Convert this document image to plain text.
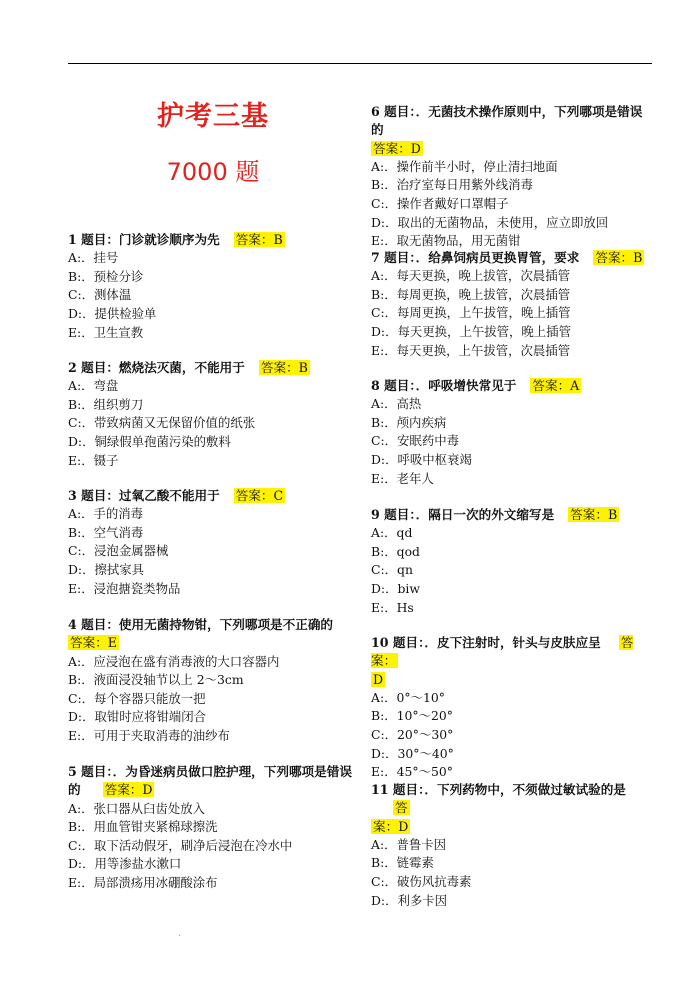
护考三基
7000 题
1 题目：门诊就诊顺序为先 答案：B
A:．挂号
B:．预检分诊
C:．测体温
D:．提供检验单
E:．卫生宣教
2 题目：燃烧法灭菌，不能用于 答案：B
A:．弯盘
B:．组织剪刀
C:．带致病菌又无保留价值的纸张
D:．铜绿假单孢菌污染的敷料
E:．镊子
3 题目：过氧乙酸不能用于 答案：C
A:．手的消毒
B:．空气消毒
C:．浸泡金属器械
D:．擦拭家具
E:．浸泡搪瓷类物品
4 题目：使用无菌持物钳，下列哪项是不正确的
答案：E
A:．应浸泡在盛有消毒液的大口容器内
B:．液面浸没轴节以上 2～3cm
C:．每个容器只能放一把
D:．取钳时应将钳端闭合
E:．可用于夹取消毒的油纱布
5 题目：．为昏迷病员做口腔护理，下列哪项是错误
的 答案：D
A:．张口器从臼齿处放入
B:．用血管钳夹紧棉球擦洗
C:．取下活动假牙，刷净后浸泡在冷水中
D:．用等渗盐水漱口
E:．局部溃疡用冰硼酸涂布
6 题目：．无菌技术操作原则中，下列哪项是错误的
答案：D
A:．操作前半小时，停止清扫地面
B:．治疗室每日用紫外线消毒
C:．操作者戴好口罩帽子
D:．取出的无菌物品，未使用，应立即放回
E:．取无菌物品，用无菌钳
7 题目：．给鼻饲病员更换胃管，要求 答案：B
A:．每天更换，晚上拔管，次晨插管
B:．每周更换，晚上拔管，次晨插管
C:．每周更换，上午拔管，晚上插管
D:．每天更换，上午拔管，晚上插管
E:．每天更换，上午拔管，次晨插管
8 题目：．呼吸增快常见于 答案：A
A:．高热
B:．颅内疾病
C:．安眠药中毒
D:．呼吸中枢衰竭
E:．老年人
9 题目：．隔日一次的外文缩写是 答案：B
A:．qd
B:．qod
C:．qn
D:．biw
E:．Hs
10 题目：．皮下注射时，针头与皮肤应呈 答案：
D
A:．0°～10°
B:．10°～20°
C:．20°～30°
D:．30°～40°
E:．45°～50°
11 题目：．下列药物中，不须做过敏试验的是答
案：D
A:．普鲁卡因
B:．链霉素
C:．破伤风抗毒素
D:．利多卡因
.
